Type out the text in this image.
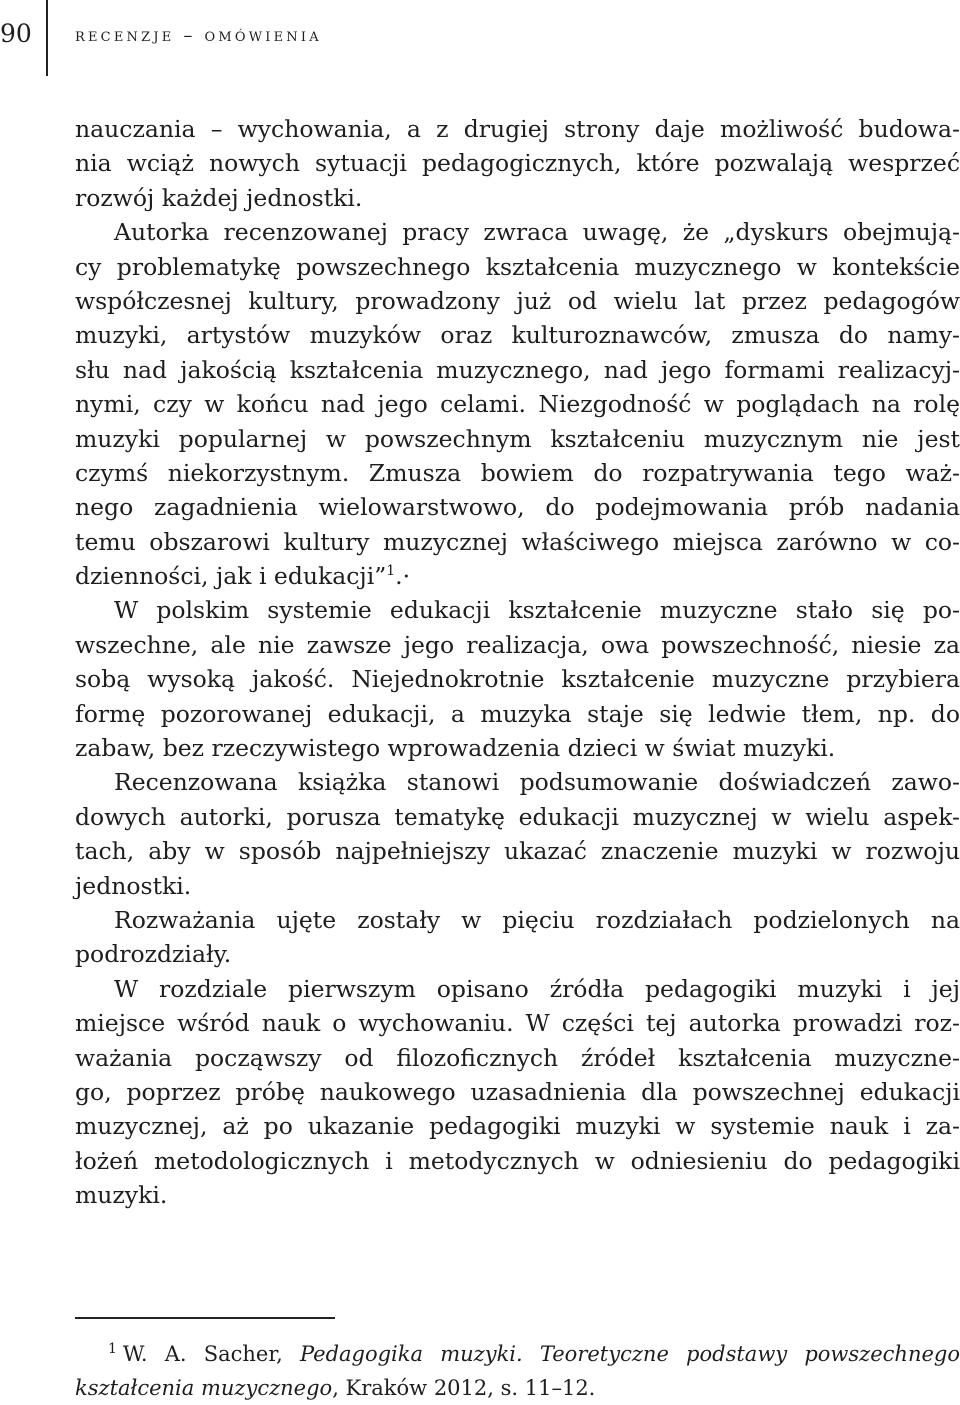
90 recenzje – omówienia
nauczania – wychowania, a z drugiej strony daje możliwość budowa-
nia wciąż nowych sytuacji pedagogicznych, które pozwalają wesprzeć
rozwój każdej jednostki.
Autorka recenzowanej pracy zwraca uwagę, że „dyskurs obejmują-
cy problematykę powszechnego kształcenia muzycznego w kontekście
współczesnej kultury, prowadzony już od wielu lat przez pedagogów
muzyki, artystów muzyków oraz kulturoznawców, zmusza do namy-
słu nad jakością kształcenia muzycznego, nad jego formami realizacyj-
nymi, czy w końcu nad jego celami. Niezgodność w poglądach na rolę
muzyki popularnej w powszechnym kształceniu muzycznym nie jest
czymś niekorzystnym. Zmusza bowiem do rozpatrywania tego waż-
nego zagadnienia wielowarstwowo, do podejmowania prób nadania
temu obszarowi kultury muzycznej właściwego miejsca zarówno w co-
dzienności, jak i edukacji”$^1$.·
W polskim systemie edukacji kształcenie muzyczne stało się po-
wszechne, ale nie zawsze jego realizacja, owa powszechność, niesie za
sobą wysoką jakość. Niejednokrotnie kształcenie muzyczne przybiera
formę pozorowanej edukacji, a muzyka staje się ledwie tłem, np. do
zabaw, bez rzeczywistego wprowadzenia dzieci w świat muzyki.
Recenzowana książka stanowi podsumowanie doświadczeń zawo-
dowych autorki, porusza tematykę edukacji muzycznej w wielu aspek-
tach, aby w sposób najpełniejszy ukazać znaczenie muzyki w rozwoju
jednostki.
Rozważania ujęte zostały w pięciu rozdziałach podzielonych na
podrozdziały.
W rozdziale pierwszym opisano źródła pedagogiki muzyki i jej
miejsce wśród nauk o wychowaniu. W części tej autorka prowadzi roz-
ważania począwszy od filozoficznych źródeł kształcenia muzyczne-
go, poprzez próbę naukowego uzasadnienia dla powszechnej edukacji
muzycznej, aż po ukazanie pedagogiki muzyki w systemie nauk i za-
łożeń metodologicznych i metodycznych w odniesieniu do pedagogiki
muzyki.
$^1$ W. A. Sacher, Pedagogika muzyki. Teoretyczne podstawy powszechnego
kształcenia muzycznego, Kraków 2012, s. 11–12.
